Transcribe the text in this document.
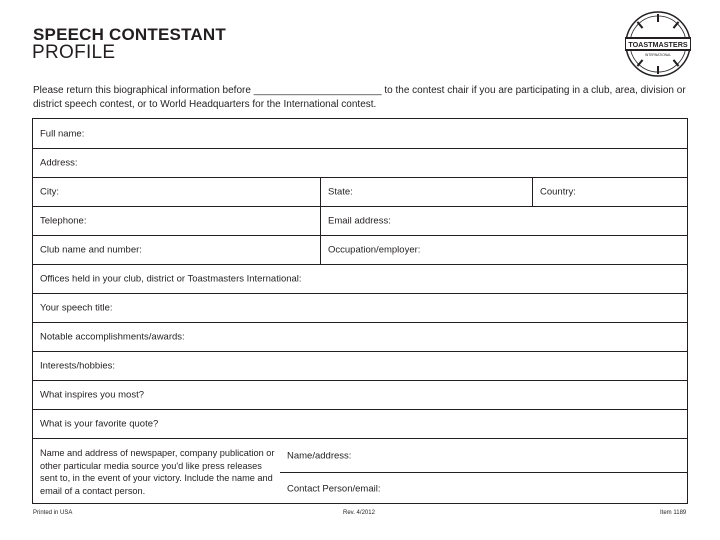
SPEECH CONTESTANT
PROFILE	TOASTMASTERS
INTERNATIONAL
Please return this biographical information before _______________________ to the contest chair if you are participating in a club, area, division or district speech contest, or to World Headquarters for the International contest.
Full name:
Address:
City:	State:	Country:
Telephone:	Email address:
Club name and number:	Occupation/employer:
Offices held in your club, district or Toastmasters International:
Your speech title:
Notable accomplishments/awards:
Interests/hobbies:
What inspires you most?
What is your favorite quote?
Name and address of newspaper, company publication or other particular media source you'd like press releases sent to, in the event of your victory. Include the name and email of a contact person.
Name/address:
Contact Person/email:
Printed in USA	Rev. 4/2012	Item 1189
